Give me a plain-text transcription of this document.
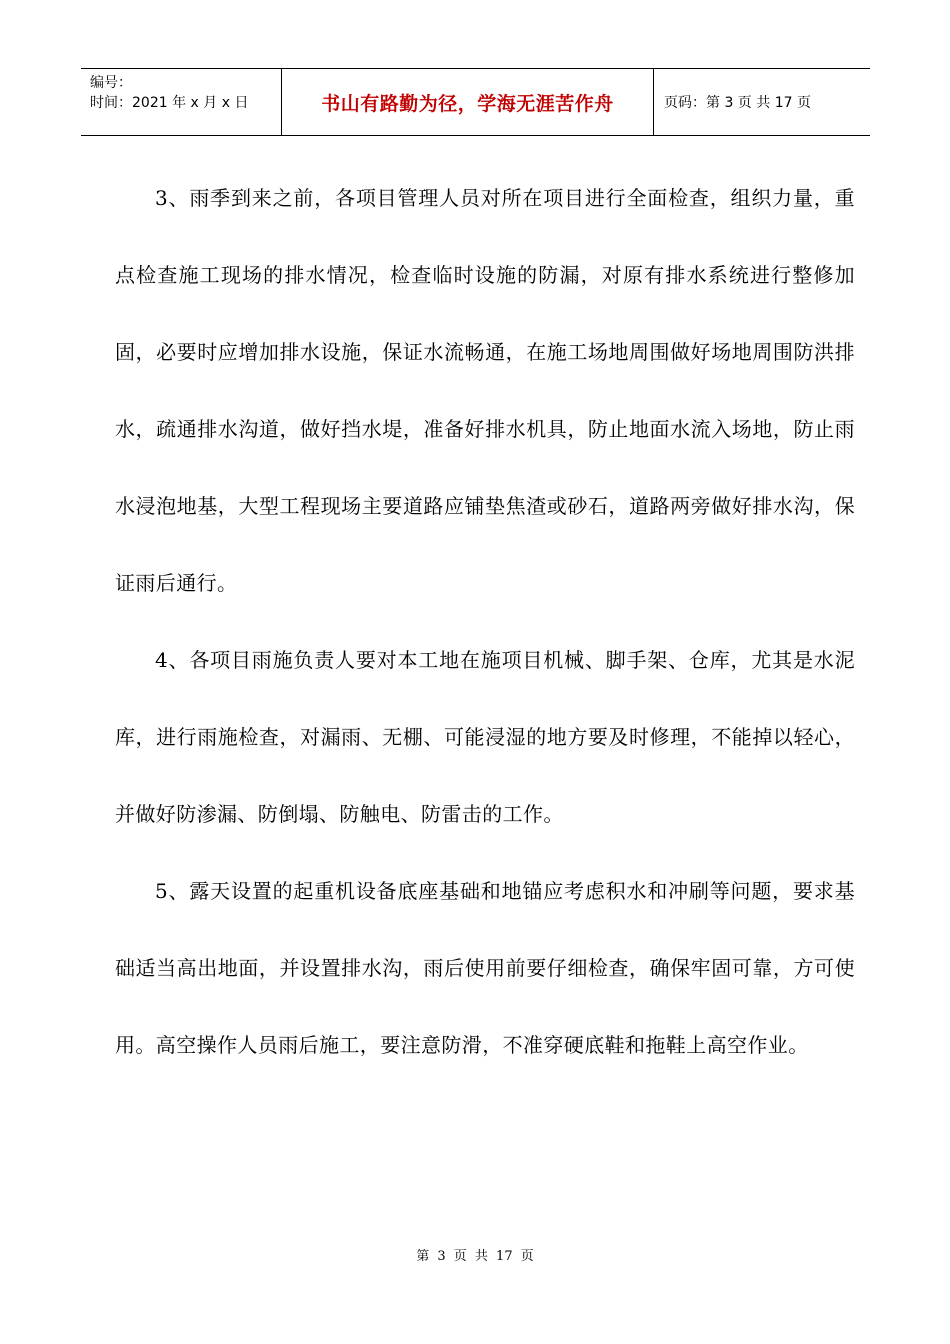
编号：
时间：2021 年 x 月 x 日	书山有路勤为径，学海无涯苦作舟	页码：第 3 页 共 17 页

3、雨季到来之前，各项目管理人员对所在项目进行全面检查，组织力量，重点检查施工现场的排水情况，检查临时设施的防漏，对原有排水系统进行整修加固，必要时应增加排水设施，保证水流畅通，在施工场地周围做好场地周围防洪排水，疏通排水沟道，做好挡水堤，准备好排水机具，防止地面水流入场地，防止雨水浸泡地基，大型工程现场主要道路应铺垫焦渣或砂石，道路两旁做好排水沟，保证雨后通行。

4、各项目雨施负责人要对本工地在施项目机械、脚手架、仓库，尤其是水泥库，进行雨施检查，对漏雨、无棚、可能浸湿的地方要及时修理，不能掉以轻心，并做好防渗漏、防倒塌、防触电、防雷击的工作。

5、露天设置的起重机设备底座基础和地锚应考虑积水和冲刷等问题，要求基础适当高出地面，并设置排水沟，雨后使用前要仔细检查，确保牢固可靠，方可使用。高空操作人员雨后施工，要注意防滑，不准穿硬底鞋和拖鞋上高空作业。

第 3 页 共 17 页
